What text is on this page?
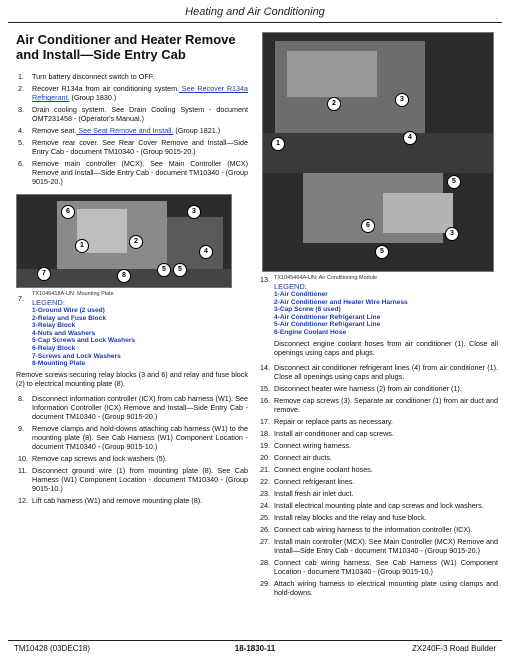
Heating and Air Conditioning
Air Conditioner and Heater Remove and Install—Side Entry Cab
1. Turn battery disconnect switch to OFF.
2. Recover R134a from air conditioning system. See Recover R134a Refrigerant. (Group 1830.)
3. Drain cooling system. See Drain Cooling System - document OMT231458 - (Operator's Manual.)
4. Remove seat. See Seat Remove and Install. (Group 1821.)
5. Remove rear cover. See Rear Cover Remove and Install—Side Entry Cab - document TM10340 - (Group 9015-20.)
6. Remove main controller (MCX). See Main Controller (MCX) Remove and Install—Side Entry Cab - document TM10340 - (Group 9015-20.)
6
1
2
3
4
5
7	8
5
7. TX1046418A-UN: Mounting Plate
LEGEND:
1-Ground Wire (2 used)
2-Relay and Fuse Block
3-Relay Block
4-Nuts and Washers
5-Cap Screws and Lock Washers
6-Relay Block
7-Screws and Lock Washers
8-Mounting Plate
Remove screws securing relay blocks (3 and 6) and relay and fuse block (2) to electrical mounting plate (8).
8. Disconnect information controller (ICX) from cab harness (W1). See Information Controller (ICX) Remove and Install—Side Entry Cab - document TM10340 - (Group 9015-20.)
9. Remove clamps and hold-downs attaching cab harness (W1) to the mounting plate (8). See Cab Harness (W1) Component Location - document TM10340 - (Group 9015-10.)
10. Remove cap screws and lock washers (5).
11. Disconnect ground wire (1) from mounting plate (8). See Cab Harness (W1) Component Location - document TM10340 - (Group 9015-10.)
12. Lift cab harness (W1) and remove mounting plate (8).
1
2
3
4
5
6
3
5
13. TX1045464A-UN: Air Conditioning Module
LEGEND:
1-Air Conditioner
2-Air Conditioner and Heater Wire Harness
3-Cap Screw (6 used)
4-Air Conditioner Refrigerant Line
5-Air Conditioner Refrigerant Line
6-Engine Coolant Hose
Disconnect engine coolant hoses from air conditioner (1). Close all openings using caps and plugs.
14. Disconnect air conditioner refrigerant lines (4) from air conditioner (1). Close all openings using caps and plugs.
15. Disconnect heater wire harness (2) from air conditioner (1).
16. Remove cap screws (3). Separate air conditioner (1) from air duct and remove.
17. Repair or replace parts as necessary.
18. Install air conditioner and cap screws.
19. Connect wiring harness.
20. Connect air ducts.
21. Connect engine coolant hoses.
22. Connect refrigerant lines.
23. Install fresh air inlet duct.
24. Install electrical mounting plate and cap screws and lock washers.
25. Install relay blocks and the relay and fuse block.
26. Connect cab wiring harness to the information controller (ICX).
27. Install main controller (MCX). See Main Controller (MCX) Remove and Install—Side Entry Cab - document TM10340 - (Group 9015-20.)
28. Connect cab wiring harness. See Cab Harness (W1) Component Location - document TM10340 - (Group 9015-10.)
29. Attach wiring harness to electrical mounting plate using clamps and hold-downs.
TM10428 (03DEC18)	18-1830-11	ZX240F-3 Road Builder
